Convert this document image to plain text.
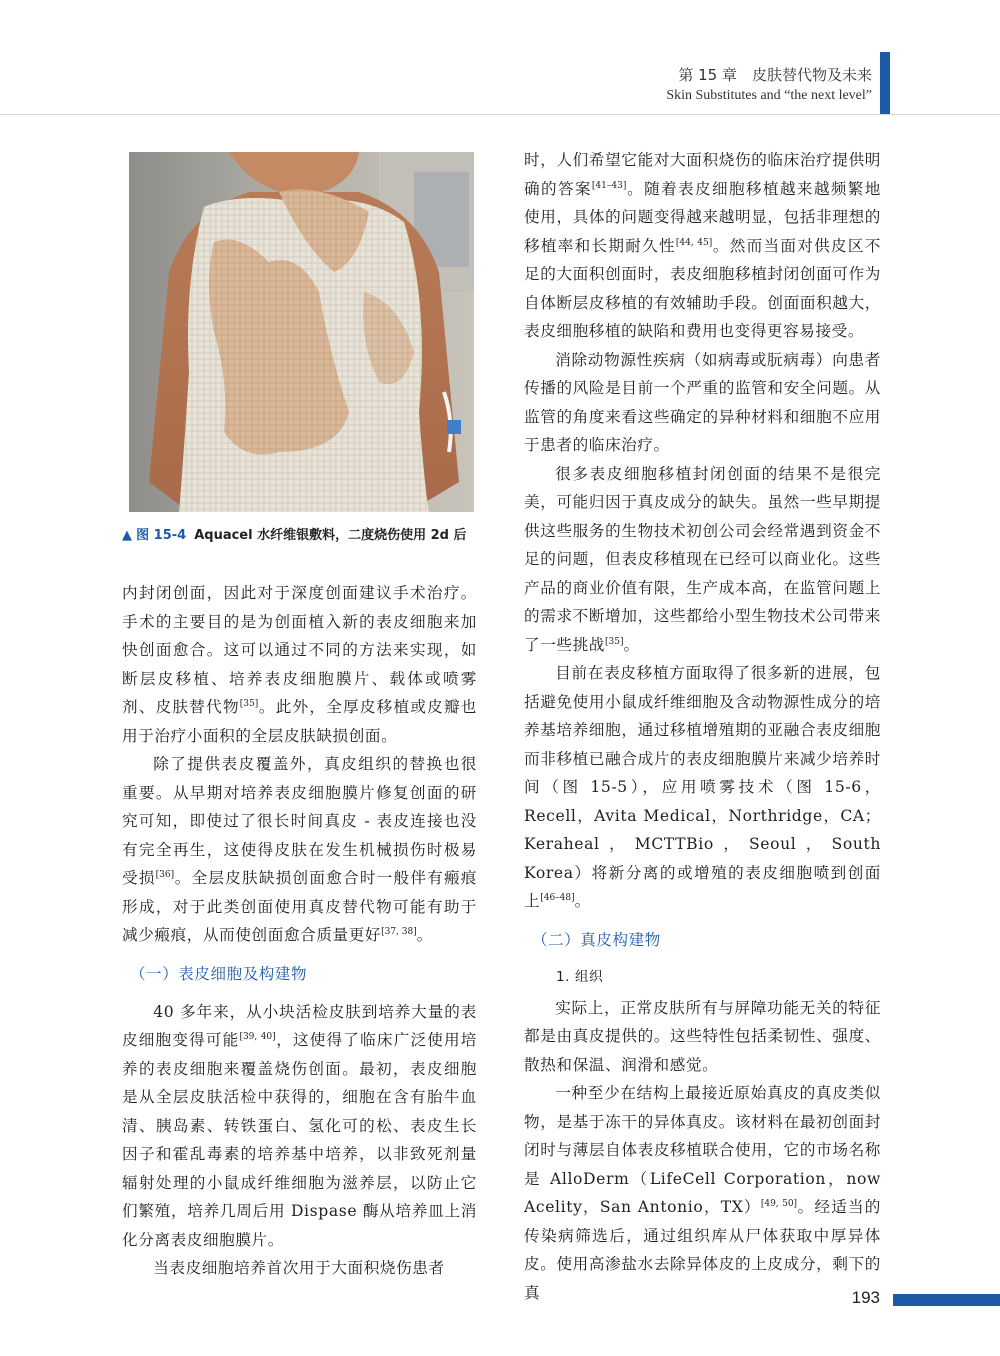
第 15 章　皮肤替代物及未来
Skin Substitutes and “the next level”
▲ 图 15-4 Aquacel 水纤维银敷料，二度烧伤使用 2d 后

内封闭创面，因此对于深度创面建议手术治疗。手术的主要目的是为创面植入新的表皮细胞来加快创面愈合。这可以通过不同的方法来实现，如断层皮移植、培养表皮细胞膜片、载体或喷雾剂、皮肤替代物[35]。此外，全厚皮移植或皮瓣也用于治疗小面积的全层皮肤缺损创面。

除了提供表皮覆盖外，真皮组织的替换也很重要。从早期对培养表皮细胞膜片修复创面的研究可知，即使过了很长时间真皮 - 表皮连接也没有完全再生，这使得皮肤在发生机械损伤时极易受损[36]。全层皮肤缺损创面愈合时一般伴有瘢痕形成，对于此类创面使用真皮替代物可能有助于减少瘢痕，从而使创面愈合质量更好[37, 38]。

（一）表皮细胞及构建物

40 多年来，从小块活检皮肤到培养大量的表皮细胞变得可能[39, 40]，这使得了临床广泛使用培养的表皮细胞来覆盖烧伤创面。最初，表皮细胞是从全层皮肤活检中获得的，细胞在含有胎牛血清、胰岛素、转铁蛋白、氢化可的松、表皮生长因子和霍乱毒素的培养基中培养，以非致死剂量辐射处理的小鼠成纤维细胞为滋养层，以防止它们繁殖，培养几周后用 Dispase 酶从培养皿上消化分离表皮细胞膜片。

当表皮细胞培养首次用于大面积烧伤患者

时，人们希望它能对大面积烧伤的临床治疗提供明确的答案[41–43]。随着表皮细胞移植越来越频繁地使用，具体的问题变得越来越明显，包括非理想的移植率和长期耐久性[44, 45]。然而当面对供皮区不足的大面积创面时，表皮细胞移植封闭创面可作为自体断层皮移植的有效辅助手段。创面面积越大，表皮细胞移植的缺陷和费用也变得更容易接受。

消除动物源性疾病（如病毒或朊病毒）向患者传播的风险是目前一个严重的监管和安全问题。从监管的角度来看这些确定的异种材料和细胞不应用于患者的临床治疗。

很多表皮细胞移植封闭创面的结果不是很完美，可能归因于真皮成分的缺失。虽然一些早期提供这些服务的生物技术初创公司会经常遇到资金不足的问题，但表皮移植现在已经可以商业化。这些产品的商业价值有限，生产成本高，在监管问题上的需求不断增加，这些都给小型生物技术公司带来了一些挑战[35]。

目前在表皮移植方面取得了很多新的进展，包括避免使用小鼠成纤维细胞及含动物源性成分的培养基培养细胞，通过移植增殖期的亚融合表皮细胞而非移植已融合成片的表皮细胞膜片来减少培养时间（图 15-5），应用喷雾技术（图 15-6，Recell，Avita Medical，Northridge，CA；Keraheal，MCTTBio，Seoul，South Korea）将新分离的或增殖的表皮细胞喷到创面上[46–48]。

（二）真皮构建物
1. 组织

实际上，正常皮肤所有与屏障功能无关的特征都是由真皮提供的。这些特性包括柔韧性、强度、散热和保温、润滑和感觉。

一种至少在结构上最接近原始真皮的真皮类似物，是基于冻干的异体真皮。该材料在最初创面封闭时与薄层自体表皮移植联合使用，它的市场名称是 AlloDerm（LifeCell Corporation，now Acelity，San Antonio，TX）[49, 50]。经适当的传染病筛选后，通过组织库从尸体获取中厚异体皮。使用高渗盐水去除异体皮的上皮成分，剩下的真	193
